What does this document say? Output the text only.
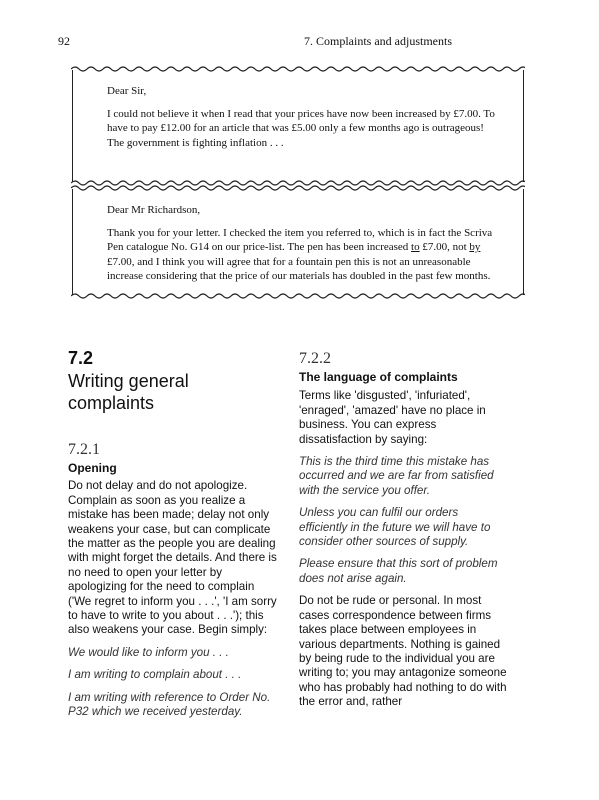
92	7. Complaints and adjustments

Dear Sir,

I could not believe it when I read that your prices have now been increased by £7.00. To have to pay £12.00 for an article that was £5.00 only a few months ago is outrageous! The government is fighting inflation . . .

Dear Mr Richardson,

Thank you for your letter. I checked the item you referred to, which is in fact the Scriva Pen catalogue No. G14 on our price-list. The pen has been increased to £7.00, not by £7.00, and I think you will agree that for a fountain pen this is not an unreasonable increase considering that the price of our materials has doubled in the past few months.

7.2
Writing general complaints
7.2.1
Opening

Do not delay and do not apologize. Complain as soon as you realize a mistake has been made; delay not only weakens your case, but can complicate the matter as the people you are dealing with might forget the details. And there is no need to open your letter by apologizing for the need to complain ('We regret to inform you . . .', 'I am sorry to have to write to you about . . .'); this also weakens your case. Begin simply:

We would like to inform you . . .

I am writing to complain about . . .

I am writing with reference to Order No. P32 which we received yesterday.

7.2.2
The language of complaints

Terms like 'disgusted', 'infuriated', 'enraged', 'amazed' have no place in business. You can express dissatisfaction by saying:

This is the third time this mistake has occurred and we are far from satisfied with the service you offer.

Unless you can fulfil our orders efficiently in the future we will have to consider other sources of supply.

Please ensure that this sort of problem does not arise again.

Do not be rude or personal. In most cases correspondence between firms takes place between employees in various departments. Nothing is gained by being rude to the individual you are writing to; you may antagonize someone who has probably had nothing to do with the error and, rather
